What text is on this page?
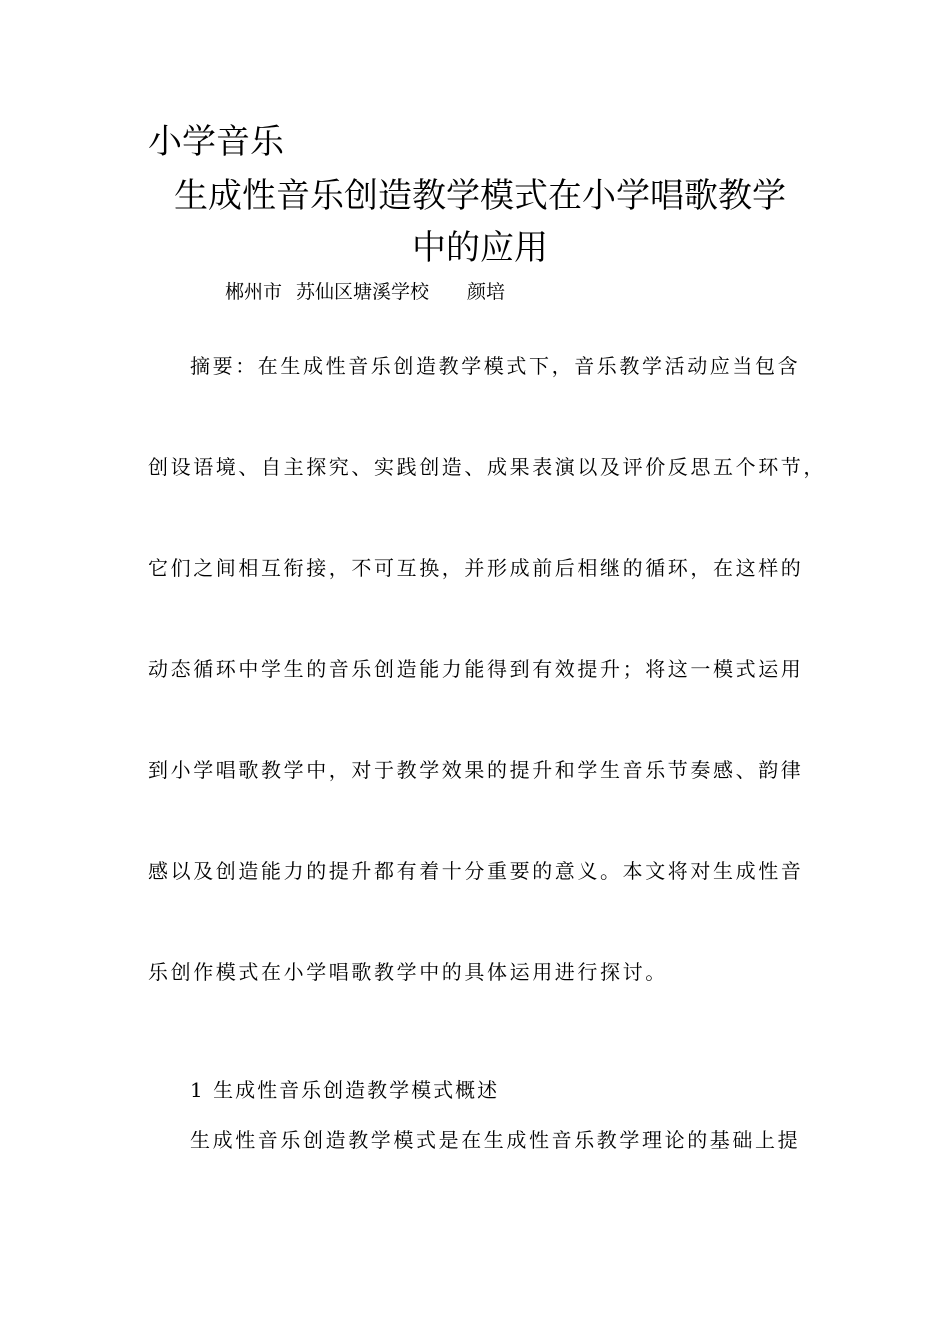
小学音乐
生成性音乐创造教学模式在小学唱歌教学
中的应用
郴州市 苏仙区塘溪学校 颜培
摘要：在生成性音乐创造教学模式下，音乐教学活动应当包含
创设语境、自主探究、实践创造、成果表演以及评价反思五个环节，
它们之间相互衔接，不可互换，并形成前后相继的循环，在这样的
动态循环中学生的音乐创造能力能得到有效提升；将这一模式运用
到小学唱歌教学中，对于教学效果的提升和学生音乐节奏感、韵律
感以及创造能力的提升都有着十分重要的意义。本文将对生成性音
乐创作模式在小学唱歌教学中的具体运用进行探讨。
1 生成性音乐创造教学模式概述
生成性音乐创造教学模式是在生成性音乐教学理论的基础上提
